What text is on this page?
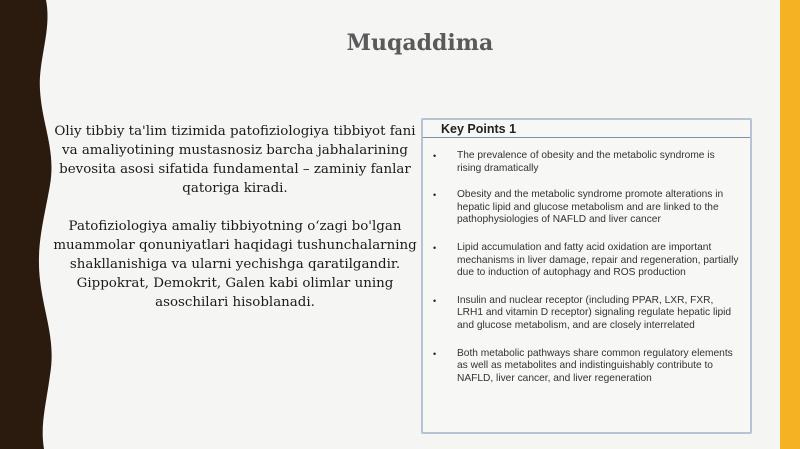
Muqaddima

Oliy tibbiy ta'lim tizimida patofiziologiya tibbiyot fani va amaliyotining mustasnosiz barcha jabhalarining bevosita asosi sifatida fundamental – zaminiy fanlar qatoriga kiradi.

Patofiziologiya amaliy tibbiyotning o‘zagi bo'lgan muammolar qonuniyatlari haqidagi tushunchalarning shakllanishiga va ularni yechishga qaratilgandir. Gippokrat, Demokrit, Galen kabi olimlar uning asoschilari hisoblanadi.

Key Points 1
•	The prevalence of obesity and the metabolic syndrome is rising dramatically
•	Obesity and the metabolic syndrome promote alterations in hepatic lipid and glucose metabolism and are linked to the pathophysiologies of NAFLD and liver cancer
•	Lipid accumulation and fatty acid oxidation are important mechanisms in liver damage, repair and regeneration, partially due to induction of autophagy and ROS production
•	Insulin and nuclear receptor (including PPAR, LXR, FXR, LRH1 and vitamin D receptor) signaling regulate hepatic lipid and glucose metabolism, and are closely interrelated
•	Both metabolic pathways share common regulatory elements as well as metabolites and indistinguishably contribute to NAFLD, liver cancer, and liver regeneration
